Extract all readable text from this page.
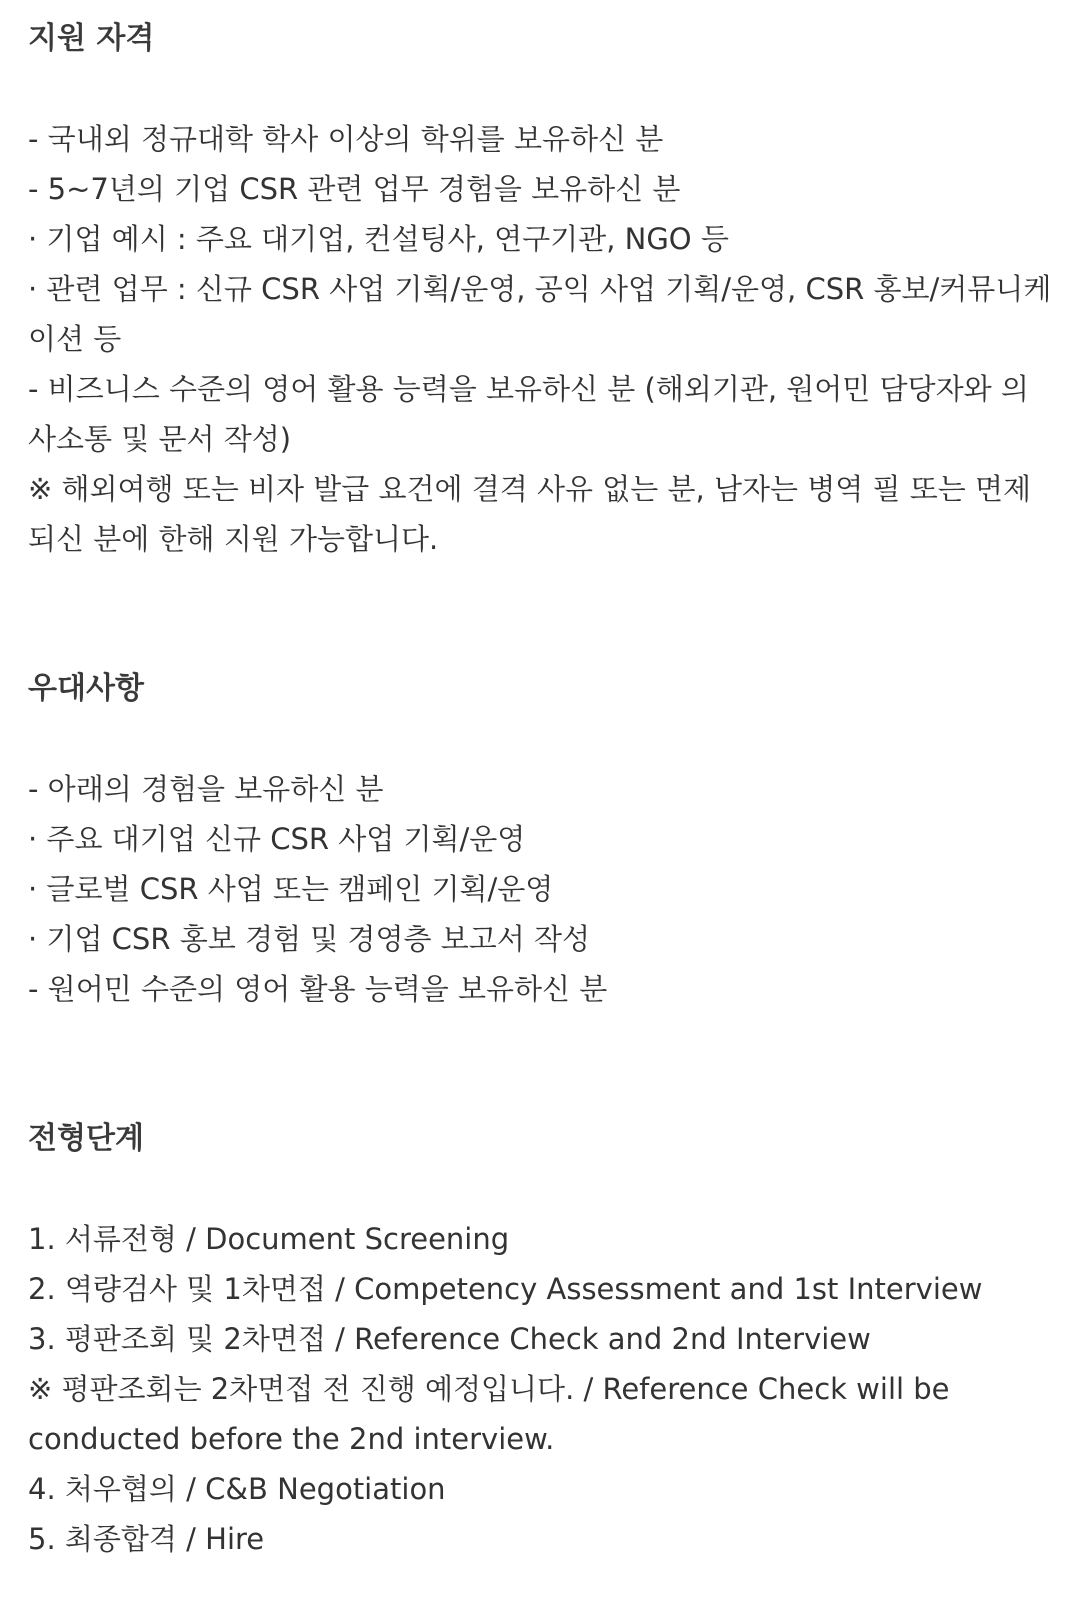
지원 자격
- 국내외 정규대학 학사 이상의 학위를 보유하신 분
- 5~7년의 기업 CSR 관련 업무 경험을 보유하신 분
· 기업 예시 : 주요 대기업, 컨설팅사, 연구기관, NGO 등
· 관련 업무 : 신규 CSR 사업 기획/운영, 공익 사업 기획/운영, CSR 홍보/커뮤니케이션 등
- 비즈니스 수준의 영어 활용 능력을 보유하신 분 (해외기관, 원어민 담당자와 의사소통 및 문서 작성)
※ 해외여행 또는 비자 발급 요건에 결격 사유 없는 분, 남자는 병역 필 또는 면제되신 분에 한해 지원 가능합니다.
우대사항
- 아래의 경험을 보유하신 분
· 주요 대기업 신규 CSR 사업 기획/운영
· 글로벌 CSR 사업 또는 캠페인 기획/운영
· 기업 CSR 홍보 경험 및 경영층 보고서 작성
- 원어민 수준의 영어 활용 능력을 보유하신 분
전형단계
1. 서류전형 / Document Screening
2. 역량검사 및 1차면접 / Competency Assessment and 1st Interview
3. 평판조회 및 2차면접 / Reference Check and 2nd Interview
※ 평판조회는 2차면접 전 진행 예정입니다. / Reference Check will be conducted before the 2nd interview.
4. 처우협의 / C&B Negotiation
5. 최종합격 / Hire
